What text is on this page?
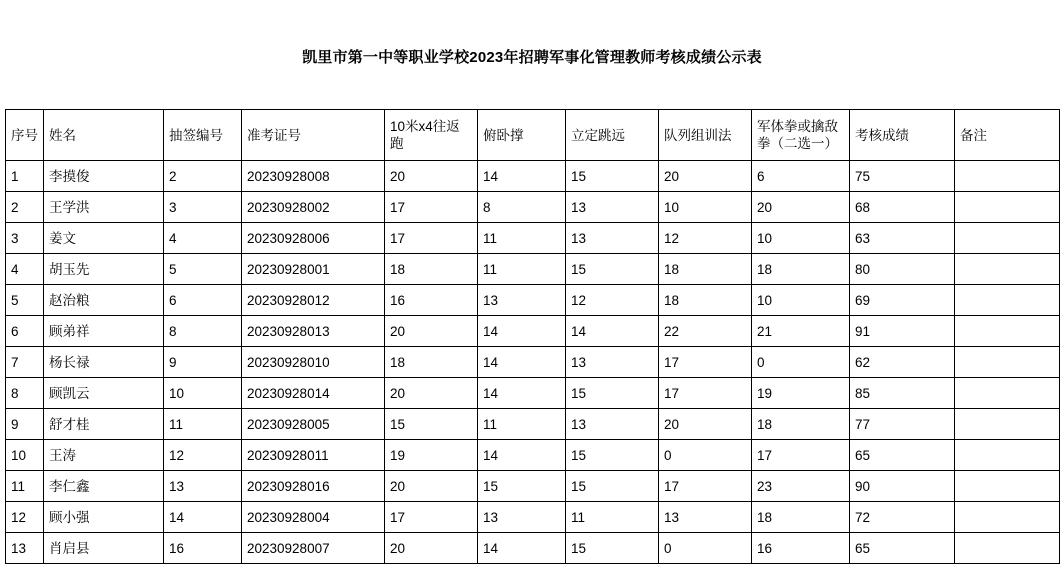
凯里市第一中等职业学校2023年招聘军事化管理教师考核成绩公示表
序号	姓名	抽签编号	准考证号	10米x4往返跑	俯卧撑	立定跳远	队列组训法	军体拳或擒敌拳（二选一）	考核成绩	备注
1	李摸俊	2	20230928008	20	14	15	20	6	75	
2	王学洪	3	20230928002	17	8	13	10	20	68	
3	姜文	4	20230928006	17	11	13	12	10	63	
4	胡玉先	5	20230928001	18	11	15	18	18	80	
5	赵治粮	6	20230928012	16	13	12	18	10	69	
6	顾弟祥	8	20230928013	20	14	14	22	21	91	
7	杨长禄	9	20230928010	18	14	13	17	0	62	
8	顾凯云	10	20230928014	20	14	15	17	19	85	
9	舒才桂	11	20230928005	15	11	13	20	18	77	
10	王涛	12	20230928011	19	14	15	0	17	65	
11	李仁鑫	13	20230928016	20	15	15	17	23	90	
12	顾小强	14	20230928004	17	13	11	13	18	72	
13	肖启县	16	20230928007	20	14	15	0	16	65	
